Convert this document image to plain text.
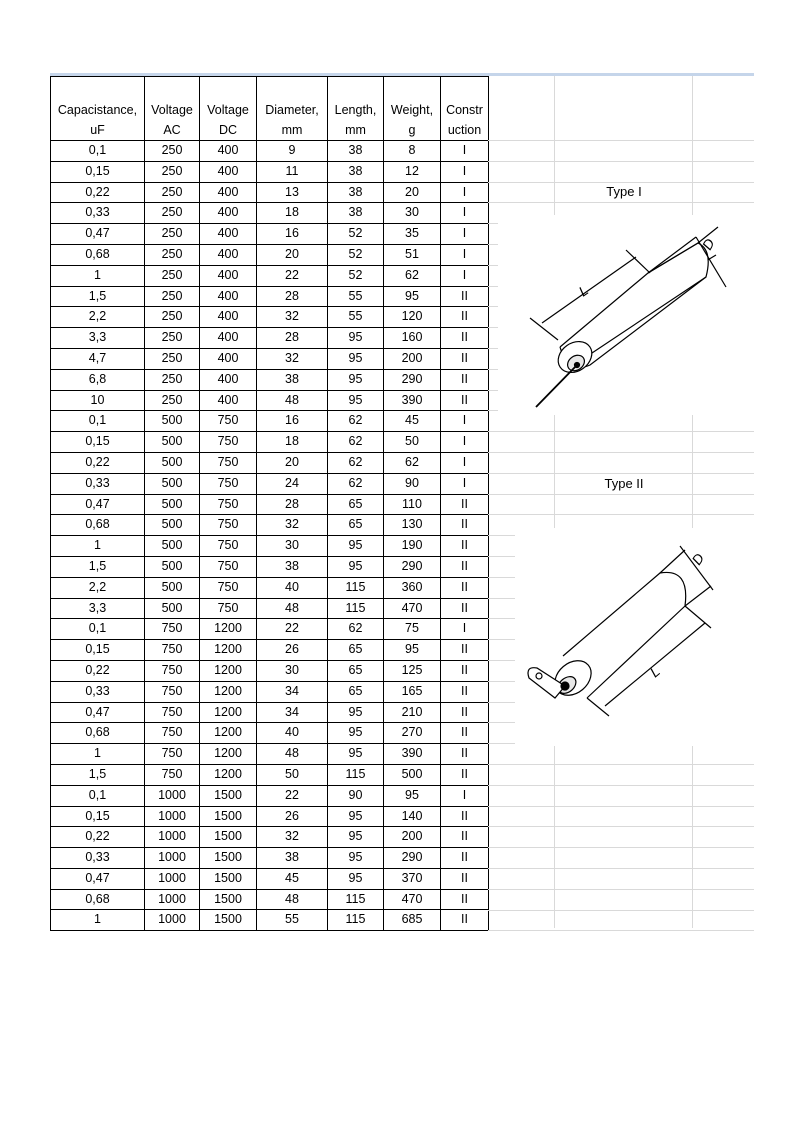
Capacistance,	Voltage	Voltage	Diameter,	Length,	Weight,	Constr
uF	AC	DC	mm	mm	g	uction
0,1	250	400	9	38	8	I
0,15	250	400	11	38	12	I
0,22	250	400	13	38	20	I
0,33	250	400	18	38	30	I
0,47	250	400	16	52	35	I
0,68	250	400	20	52	51	I
1	250	400	22	52	62	I
1,5	250	400	28	55	95	II
2,2	250	400	32	55	120	II
3,3	250	400	28	95	160	II
4,7	250	400	32	95	200	II
6,8	250	400	38	95	290	II
10	250	400	48	95	390	II
0,1	500	750	16	62	45	I
0,15	500	750	18	62	50	I
0,22	500	750	20	62	62	I
0,33	500	750	24	62	90	I
0,47	500	750	28	65	110	II
0,68	500	750	32	65	130	II
1	500	750	30	95	190	II
1,5	500	750	38	95	290	II
2,2	500	750	40	115	360	II
3,3	500	750	48	115	470	II
0,1	750	1200	22	62	75	I
0,15	750	1200	26	65	95	II
0,22	750	1200	30	65	125	II
0,33	750	1200	34	65	165	II
0,47	750	1200	34	95	210	II
0,68	750	1200	40	95	270	II
1	750	1200	48	95	390	II
1,5	750	1200	50	115	500	II
0,1	1000	1500	22	90	95	I
0,15	1000	1500	26	95	140	II
0,22	1000	1500	32	95	200	II
0,33	1000	1500	38	95	290	II
0,47	1000	1500	45	95	370	II
0,68	1000	1500	48	115	470	II
1	1000	1500	55	115	685	II
L
D
L
D
Type I
Type II
